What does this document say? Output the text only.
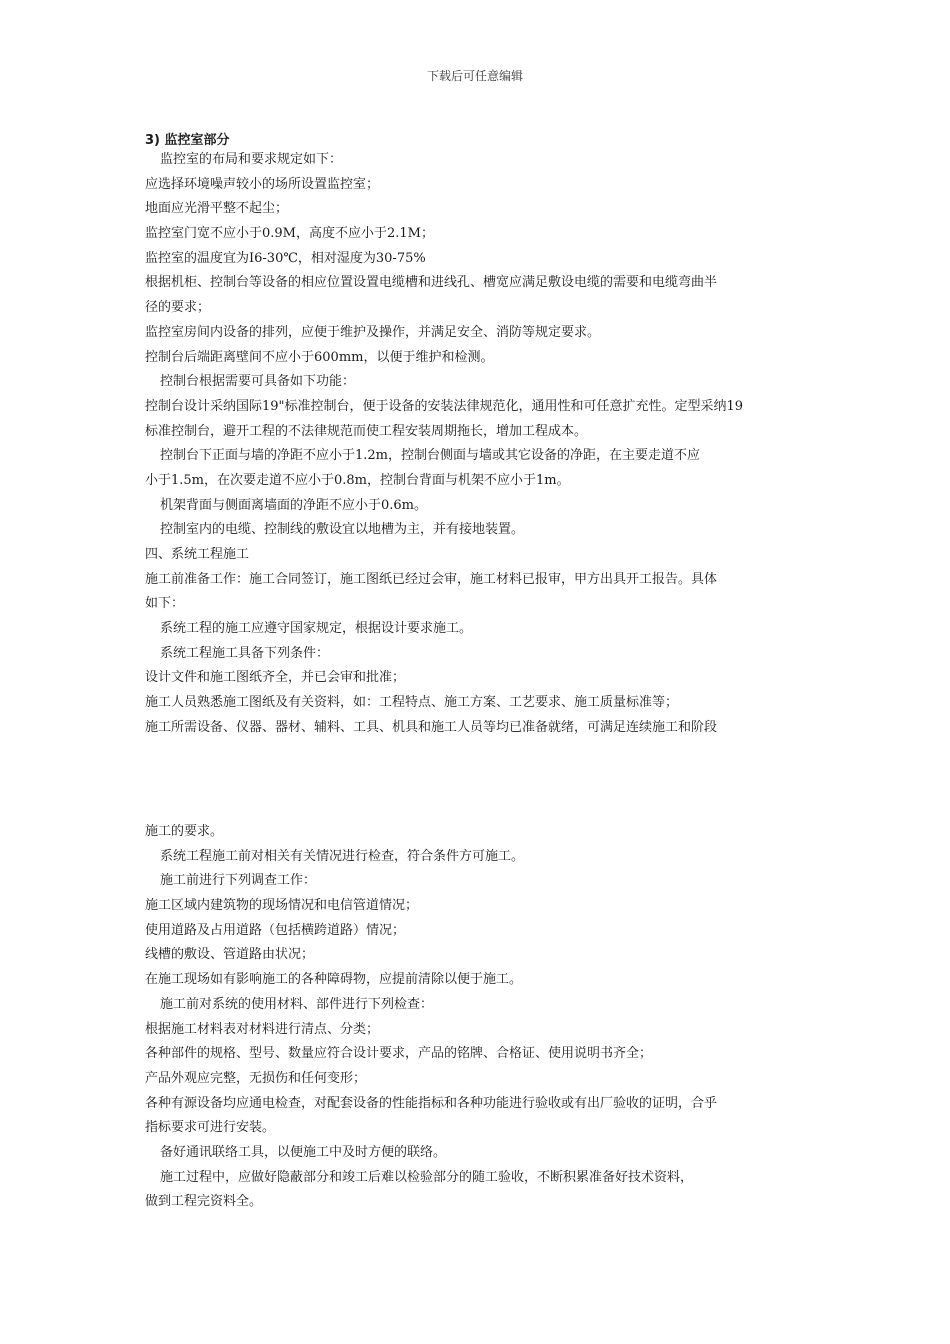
下载后可任意编辑
3) 监控室部分
监控室的布局和要求规定如下：
应选择环境噪声较小的场所设置监控室；
地面应光滑平整不起尘；
监控室门宽不应小于0.9M，高度不应小于2.1M；
监控室的温度宜为I6-30℃，相对湿度为30-75%
根据机柜、控制台等设备的相应位置设置电缆槽和进线孔、槽宽应满足敷设电缆的需要和电缆弯曲半
径的要求；
监控室房间内设备的排列，应便于维护及操作，并满足安全、消防等规定要求。
控制台后端距离壁间不应小于600mm，以便于维护和检测。
控制台根据需要可具备如下功能：
控制台设计采纳国际19"标准控制台，便于设备的安装法律规范化，通用性和可任意扩充性。定型采纳19
标准控制台，避开工程的不法律规范而使工程安装周期拖长，增加工程成本。
控制台下正面与墙的净距不应小于1.2m，控制台侧面与墙或其它设备的净距，在主要走道不应
小于1.5m，在次要走道不应小于0.8m，控制台背面与机架不应小于1m。
机架背面与侧面离墙面的净距不应小于0.6m。
控制室内的电缆、控制线的敷设宜以地槽为主，并有接地装置。
四、系统工程施工
施工前准备工作：施工合同签订，施工图纸已经过会审，施工材料已报审，甲方出具开工报告。具体
如下：
系统工程的施工应遵守国家规定，根据设计要求施工。
系统工程施工具备下列条件：
设计文件和施工图纸齐全，并已会审和批准；
施工人员熟悉施工图纸及有关资料，如：工程特点、施工方案、工艺要求、施工质量标准等；
施工所需设备、仪器、器材、辅料、工具、机具和施工人员等均已准备就绪，可满足连续施工和阶段
施工的要求。
系统工程施工前对相关有关情况进行检查，符合条件方可施工。
施工前进行下列调查工作：
施工区域内建筑物的现场情况和电信管道情况；
使用道路及占用道路（包括横跨道路）情况；
线槽的敷设、管道路由状况；
在施工现场如有影响施工的各种障碍物，应提前清除以便于施工。
施工前对系统的使用材料、部件进行下列检查：
根据施工材料表对材料进行清点、分类；
各种部件的规格、型号、数量应符合设计要求，产品的铭牌、合格证、使用说明书齐全；
产品外观应完整，无损伤和任何变形；
各种有源设备均应通电检查，对配套设备的性能指标和各种功能进行验收或有出厂验收的证明，合乎
指标要求可进行安装。
备好通讯联络工具，以便施工中及时方便的联络。
施工过程中，应做好隐蔽部分和竣工后难以检验部分的随工验收，不断积累准备好技术资料，
做到工程完资料全。
